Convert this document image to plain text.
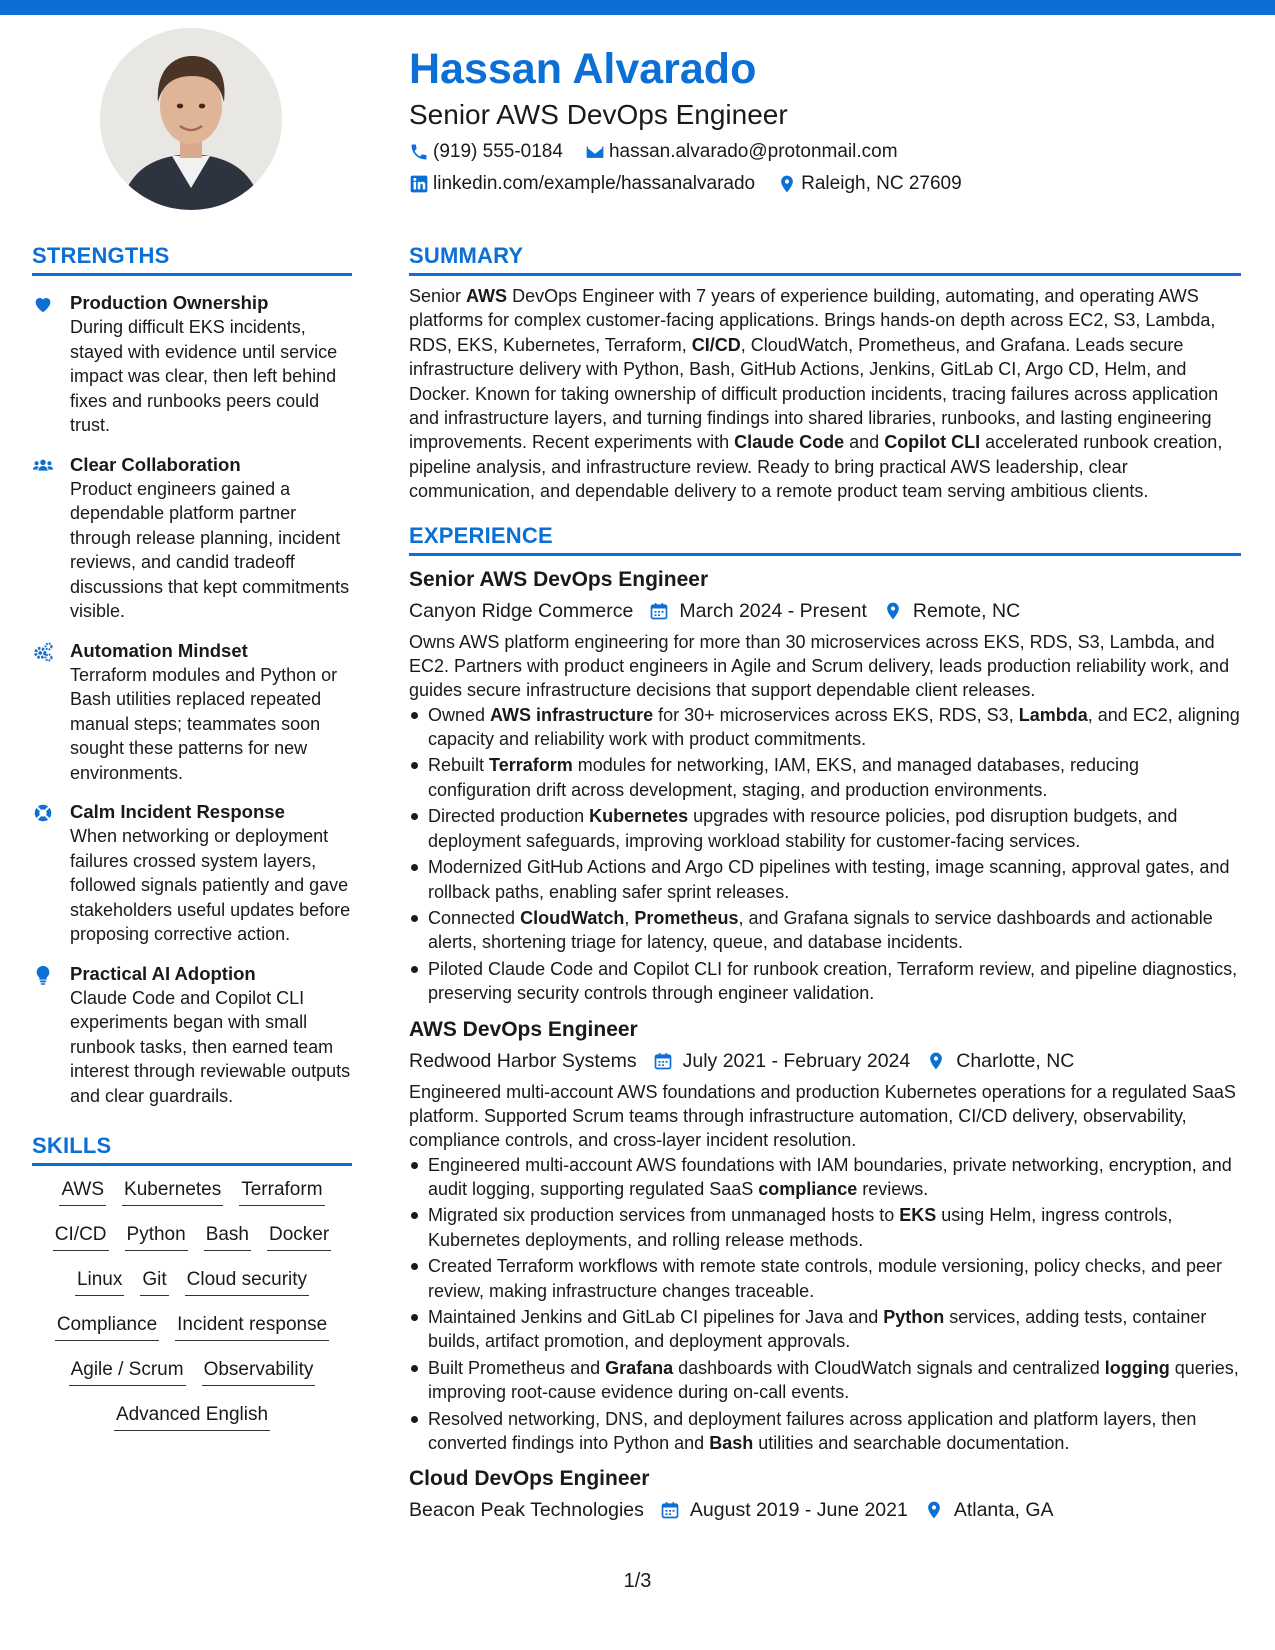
Hassan Alvarado
Senior AWS DevOps Engineer
(919) 555-0184 hassan.alvarado@protonmail.com
linkedin.com/example/hassanalvarado Raleigh, NC 27609
STRENGTHS
Production Ownership
During difficult EKS incidents, stayed with evidence until service impact was clear, then left behind fixes and runbooks peers could trust.
Clear Collaboration
Product engineers gained a dependable platform partner through release planning, incident reviews, and candid tradeoff discussions that kept commitments visible.
Automation Mindset
Terraform modules and Python or Bash utilities replaced repeated manual steps; teammates soon sought these patterns for new environments.
Calm Incident Response
When networking or deployment failures crossed system layers, followed signals patiently and gave stakeholders useful updates before proposing corrective action.
Practical AI Adoption
Claude Code and Copilot CLI experiments began with small runbook tasks, then earned team interest through reviewable outputs and clear guardrails.
SKILLS
AWS Kubernetes Terraform
CI/CD Python Bash Docker
Linux Git Cloud security
Compliance Incident response
Agile / Scrum Observability
Advanced English
SUMMARY
Senior AWS DevOps Engineer with 7 years of experience building, automating, and operating AWS platforms for complex customer-facing applications. Brings hands-on depth across EC2, S3, Lambda, RDS, EKS, Kubernetes, Terraform, CI/CD, CloudWatch, Prometheus, and Grafana. Leads secure infrastructure delivery with Python, Bash, GitHub Actions, Jenkins, GitLab CI, Argo CD, Helm, and Docker. Known for taking ownership of difficult production incidents, tracing failures across application and infrastructure layers, and turning findings into shared libraries, runbooks, and lasting engineering improvements. Recent experiments with Claude Code and Copilot CLI accelerated runbook creation, pipeline analysis, and infrastructure review. Ready to bring practical AWS leadership, clear communication, and dependable delivery to a remote product team serving ambitious clients.
EXPERIENCE
Senior AWS DevOps Engineer
Canyon Ridge Commerce March 2024 - Present Remote, NC
Owns AWS platform engineering for more than 30 microservices across EKS, RDS, S3, Lambda, and EC2. Partners with product engineers in Agile and Scrum delivery, leads production reliability work, and guides secure infrastructure decisions that support dependable client releases.
Owned AWS infrastructure for 30+ microservices across EKS, RDS, S3, Lambda, and EC2, aligning capacity and reliability work with product commitments.
Rebuilt Terraform modules for networking, IAM, EKS, and managed databases, reducing configuration drift across development, staging, and production environments.
Directed production Kubernetes upgrades with resource policies, pod disruption budgets, and deployment safeguards, improving workload stability for customer-facing services.
Modernized GitHub Actions and Argo CD pipelines with testing, image scanning, approval gates, and rollback paths, enabling safer sprint releases.
Connected CloudWatch, Prometheus, and Grafana signals to service dashboards and actionable alerts, shortening triage for latency, queue, and database incidents.
Piloted Claude Code and Copilot CLI for runbook creation, Terraform review, and pipeline diagnostics, preserving security controls through engineer validation.
AWS DevOps Engineer
Redwood Harbor Systems July 2021 - February 2024 Charlotte, NC
Engineered multi-account AWS foundations and production Kubernetes operations for a regulated SaaS platform. Supported Scrum teams through infrastructure automation, CI/CD delivery, observability, compliance controls, and cross-layer incident resolution.
Engineered multi-account AWS foundations with IAM boundaries, private networking, encryption, and audit logging, supporting regulated SaaS compliance reviews.
Migrated six production services from unmanaged hosts to EKS using Helm, ingress controls, Kubernetes deployments, and rolling release methods.
Created Terraform workflows with remote state controls, module versioning, policy checks, and peer review, making infrastructure changes traceable.
Maintained Jenkins and GitLab CI pipelines for Java and Python services, adding tests, container builds, artifact promotion, and deployment approvals.
Built Prometheus and Grafana dashboards with CloudWatch signals and centralized logging queries, improving root-cause evidence during on-call events.
Resolved networking, DNS, and deployment failures across application and platform layers, then converted findings into Python and Bash utilities and searchable documentation.
Cloud DevOps Engineer
Beacon Peak Technologies August 2019 - June 2021 Atlanta, GA
1/3
